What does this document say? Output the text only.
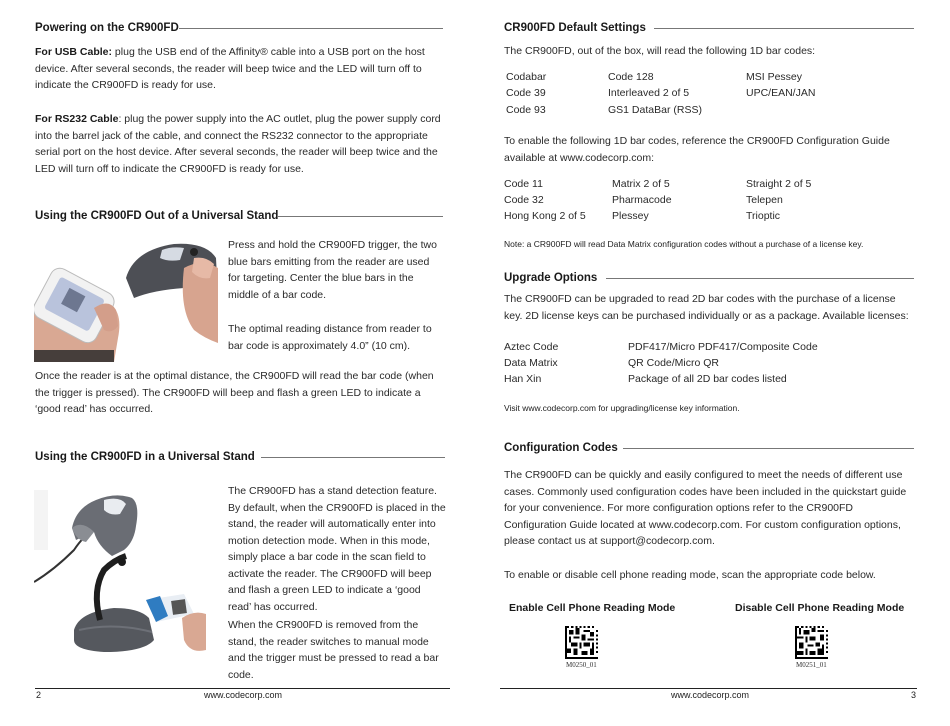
Powering on the CR900FD
For USB Cable: plug the USB end of the Affinity® cable into a USB port on the host device. After several seconds, the reader will beep twice and the LED will turn off to indicate the CR900FD is ready for use.
For RS232 Cable: plug the power supply into the AC outlet, plug the power supply cord into the barrel jack of the cable, and connect the RS232 connector to the appropriate serial port on the host device. After several seconds, the reader will beep twice and the LED will turn off to indicate the CR900FD is ready for use.
Using the CR900FD Out of a Universal Stand
Press and hold the CR900FD trigger, the two blue bars emitting from the reader are used for targeting. Center the blue bars in the middle of a bar code.
The optimal reading distance from reader to bar code is approximately 4.0” (10 cm).
Once the reader is at the optimal distance, the CR900FD will read the bar code (when the trigger is pressed). The CR900FD will beep and flash a green LED to indicate a ‘good read’ has occurred.
Using the CR900FD in a Universal Stand
The CR900FD has a stand detection feature. By default, when the CR900FD is placed in the stand, the reader will automatically enter into motion detection mode. When in this mode, simply place a bar code in the scan field to activate the reader. The CR900FD will beep and flash a green LED to indicate a ‘good read’ has occurred.
When the CR900FD is removed from the stand, the reader switches to manual mode and the trigger must be pressed to read a bar code.
2	www.codecorp.com
CR900FD Default Settings
The CR900FD, out of the box, will read the following 1D bar codes:
Codabar	Code 128	MSI Pessey
Code 39	Interleaved 2 of 5	UPC/EAN/JAN
Code 93	GS1 DataBar (RSS)
To enable the following 1D bar codes, reference the CR900FD Configuration Guide available at www.codecorp.com:
Code 11	Matrix 2 of 5	Straight 2 of 5
Code 32	Pharmacode	Telepen
Hong Kong 2 of 5	Plessey	Trioptic
Note: a CR900FD will read Data Matrix configuration codes without a purchase of a license key.
Upgrade Options
The CR900FD can be upgraded to read 2D bar codes with the purchase of a license key. 2D license keys can be purchased individually or as a package. Available licenses:
Aztec Code	PDF417/Micro PDF417/Composite Code
Data Matrix	QR Code/Micro QR
Han Xin	Package of all 2D bar codes listed
Visit www.codecorp.com for upgrading/license key information.
Configuration Codes
The CR900FD can be quickly and easily configured to meet the needs of different use cases. Commonly used configuration codes have been included in the quickstart guide for your convenience. For more configuration options refer to the CR900FD Configuration Guide located at www.codecorp.com. For custom configuration options, please contact us at support@codecorp.com.
To enable or disable cell phone reading mode, scan the appropriate code below.
Enable Cell Phone Reading Mode	Disable Cell Phone Reading Mode
M0250_01	M0251_01
www.codecorp.com	3
